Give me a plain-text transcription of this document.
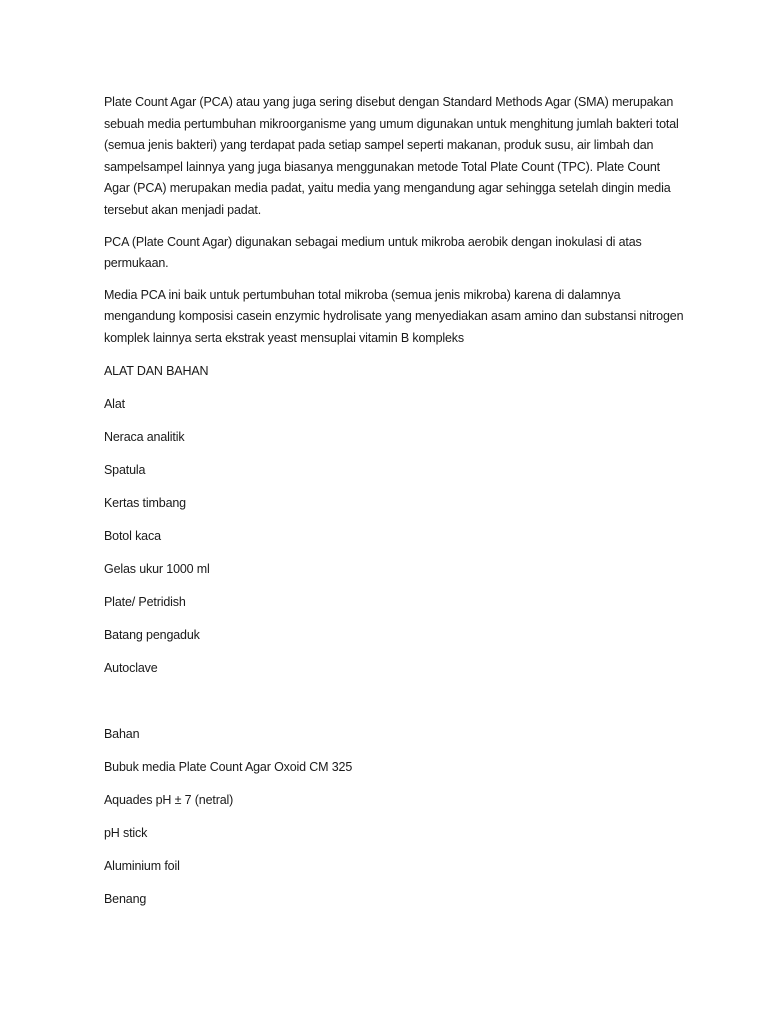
Plate Count Agar (PCA) atau yang juga sering disebut dengan Standard Methods Agar (SMA) merupakan sebuah media pertumbuhan mikroorganisme yang umum digunakan untuk menghitung jumlah bakteri total (semua jenis bakteri) yang terdapat pada setiap sampel seperti makanan, produk susu, air limbah dan sampelsampel lainnya yang juga biasanya menggunakan metode Total Plate Count (TPC). Plate Count Agar (PCA) merupakan media padat, yaitu media yang mengandung agar sehingga setelah dingin media tersebut akan menjadi padat.

PCA (Plate Count Agar) digunakan sebagai medium untuk mikroba aerobik dengan inokulasi di atas permukaan.

Media PCA ini baik untuk pertumbuhan total mikroba (semua jenis mikroba) karena di dalamnya mengandung komposisi casein enzymic hydrolisate yang menyediakan asam amino dan substansi nitrogen komplek lainnya serta ekstrak yeast mensuplai vitamin B kompleks

ALAT DAN BAHAN
Alat
Neraca analitik
Spatula
Kertas timbang
Botol kaca
Gelas ukur 1000 ml
Plate/ Petridish
Batang pengaduk
Autoclave
Bahan
Bubuk media Plate Count Agar Oxoid CM 325
Aquades pH ± 7 (netral)
pH stick
Aluminium foil
Benang
